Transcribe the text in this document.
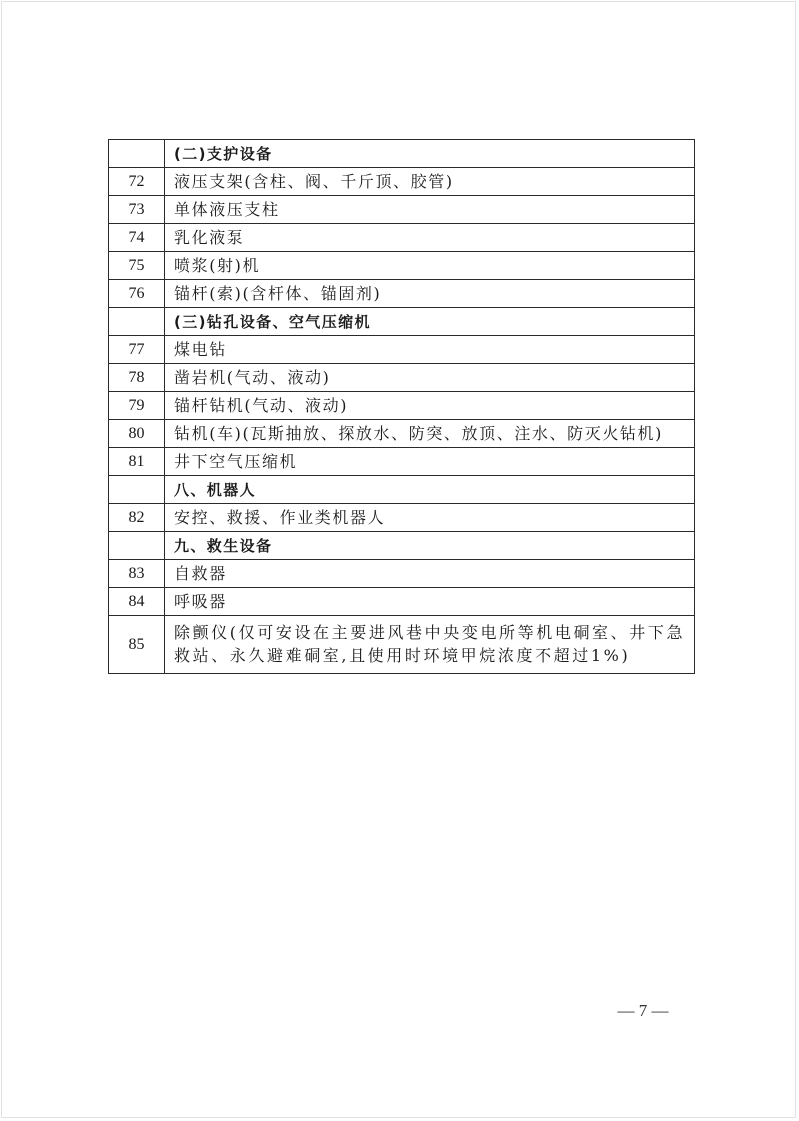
	(二)支护设备
72	液压支架(含柱、阀、千斤顶、胶管)
73	单体液压支柱
74	乳化液泵
75	喷浆(射)机
76	锚杆(索)(含杆体、锚固剂)
	(三)钻孔设备、空气压缩机
77	煤电钻
78	凿岩机(气动、液动)
79	锚杆钻机(气动、液动)
80	钻机(车)(瓦斯抽放、探放水、防突、放顶、注水、防灭火钻机)
81	井下空气压缩机
	八、机器人
82	安控、救援、作业类机器人
	九、救生设备
83	自救器
84	呼吸器
85	除颤仪(仅可安设在主要进风巷中央变电所等机电硐室、井下急救站、永久避难硐室,且使用时环境甲烷浓度不超过1%)
— 7 —
